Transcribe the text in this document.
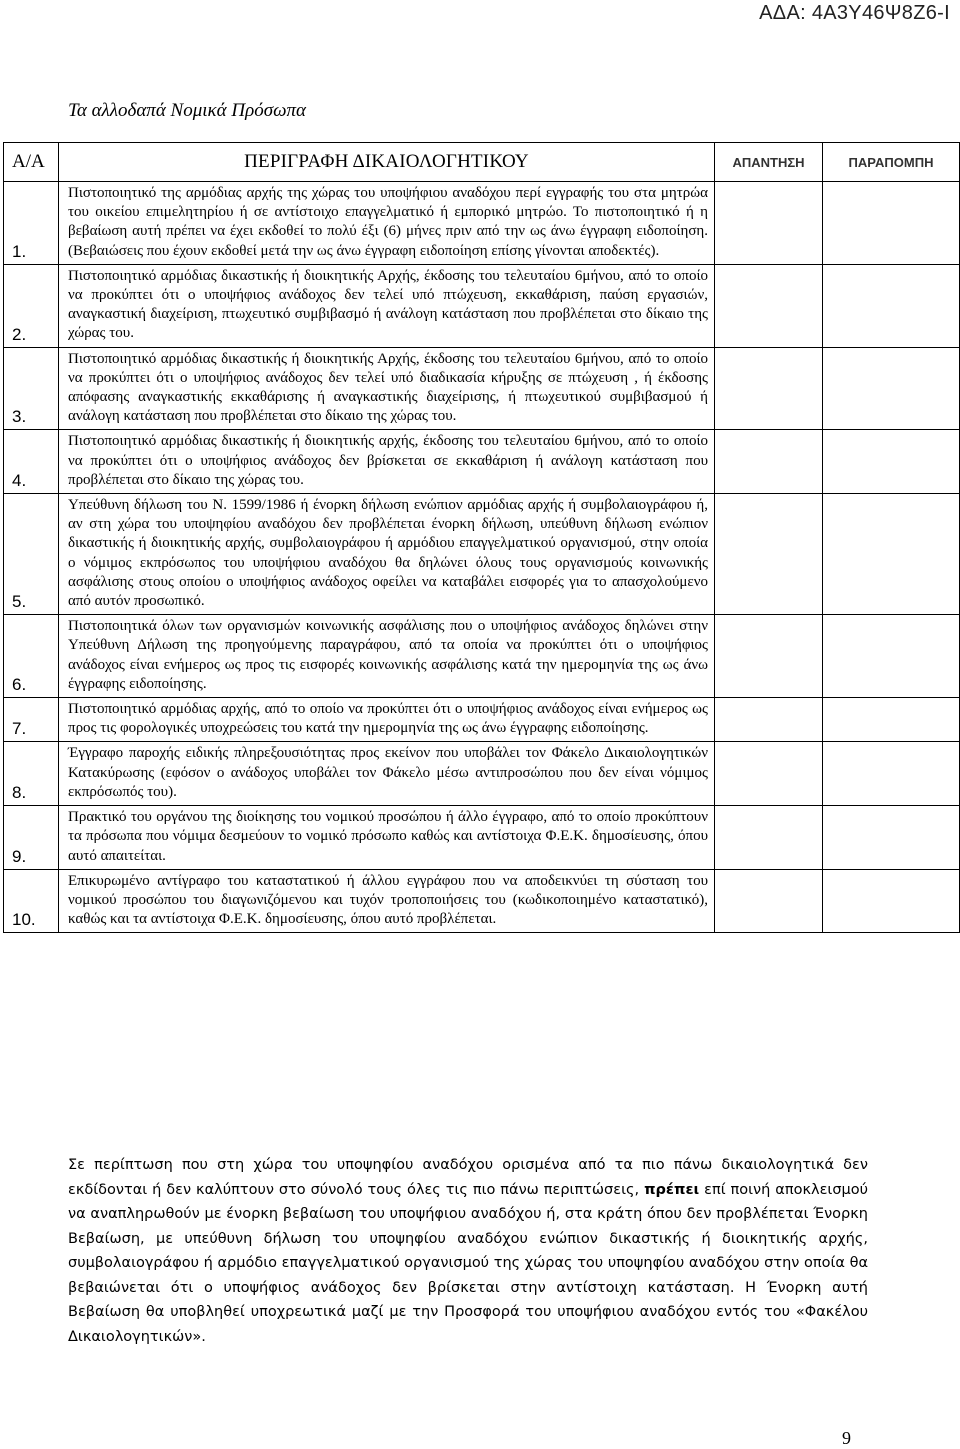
ΑΔΑ: 4Α3Υ46Ψ8Ζ6-Ι
Τα αλλοδαπά Νομικά Πρόσωπα
Α/Α	ΠΕΡΙΓΡΑΦΗ ΔΙΚΑΙΟΛΟΓΗΤΙΚΟΥ	ΑΠΑΝΤΗΣΗ	ΠΑΡΑΠΟΜΠΗ
1.	Πιστοποιητικό της αρμόδιας αρχής της χώρας του υποψήφιου αναδόχου περί εγγραφής του στα μητρώα του οικείου επιμελητηρίου ή σε αντίστοιχο επαγγελματικό ή εμπορικό μητρώο. Το πιστοποιητικό ή η βεβαίωση αυτή πρέπει να έχει εκδοθεί το πολύ έξι (6) μήνες πριν από την ως άνω έγγραφη ειδοποίηση. (Βεβαιώσεις που έχουν εκδοθεί μετά την ως άνω έγγραφη ειδοποίηση επίσης γίνονται αποδεκτές).		
2.	Πιστοποιητικό αρμόδιας δικαστικής ή διοικητικής Αρχής, έκδοσης του τελευταίου 6μήνου, από το οποίο να προκύπτει ότι ο υποψήφιος ανάδοχος δεν τελεί υπό πτώχευση, εκκαθάριση, παύση εργασιών, αναγκαστική διαχείριση, πτωχευτικό συμβιβασμό ή ανάλογη κατάσταση που προβλέπεται στο δίκαιο της χώρας του.		
3.	Πιστοποιητικό αρμόδιας δικαστικής ή διοικητικής Αρχής, έκδοσης του τελευταίου 6μήνου, από το οποίο να προκύπτει ότι ο υποψήφιος ανάδοχος δεν τελεί υπό διαδικασία κήρυξης σε πτώχευση , ή έκδοσης απόφασης αναγκαστικής εκκαθάρισης ή αναγκαστικής διαχείρισης, ή πτωχευτικού συμβιβασμού ή ανάλογη κατάσταση που προβλέπεται στο δίκαιο της χώρας του.		
4.	Πιστοποιητικό αρμόδιας δικαστικής ή διοικητικής αρχής, έκδοσης του τελευταίου 6μήνου, από το οποίο να προκύπτει ότι ο υποψήφιος ανάδοχος δεν βρίσκεται σε εκκαθάριση ή ανάλογη κατάσταση που προβλέπεται στο δίκαιο της χώρας του.		
5.	Υπεύθυνη δήλωση του Ν. 1599/1986 ή ένορκη δήλωση ενώπιον αρμόδιας αρχής ή συμβολαιογράφου ή, αν στη χώρα του υποψηφίου αναδόχου δεν προβλέπεται ένορκη δήλωση, υπεύθυνη δήλωση ενώπιον δικαστικής ή διοικητικής αρχής, συμβολαιογράφου ή αρμόδιου επαγγελματικού οργανισμού, στην οποία ο νόμιμος εκπρόσωπος του υποψήφιου αναδόχου θα δηλώνει όλους τους οργανισμούς κοινωνικής ασφάλισης στους οποίου ο υποψήφιος ανάδοχος οφείλει να καταβάλει εισφορές για το απασχολούμενο από αυτόν προσωπικό.		
6.	Πιστοποιητικά όλων των οργανισμών κοινωνικής ασφάλισης που ο υποψήφιος ανάδοχος δηλώνει στην Υπεύθυνη Δήλωση της προηγούμενης παραγράφου, από τα οποία να προκύπτει ότι ο υποψήφιος ανάδοχος είναι ενήμερος ως προς τις εισφορές κοινωνικής ασφάλισης κατά την ημερομηνία της ως άνω έγγραφης ειδοποίησης.		
7.	Πιστοποιητικό αρμόδιας αρχής, από το οποίο να προκύπτει ότι ο υποψήφιος ανάδοχος είναι ενήμερος ως προς τις φορολογικές υποχρεώσεις του κατά την ημερομηνία της ως άνω έγγραφης ειδοποίησης.		
8.	Έγγραφο παροχής ειδικής πληρεξουσιότητας προς εκείνον που υποβάλει τον Φάκελο Δικαιολογητικών Κατακύρωσης (εφόσον ο ανάδοχος υποβάλει τον Φάκελο μέσω αντιπροσώπου που δεν είναι νόμιμος εκπρόσωπός του).		
9.	Πρακτικό του οργάνου της διοίκησης του νομικού προσώπου ή άλλο έγγραφο, από το οποίο προκύπτουν τα πρόσωπα που νόμιμα δεσμεύουν το νομικό πρόσωπο καθώς και αντίστοιχα Φ.Ε.Κ. δημοσίευσης, όπου αυτό απαιτείται.		
10.	Επικυρωμένο αντίγραφο του καταστατικού ή άλλου εγγράφου που να αποδεικνύει τη σύσταση του νομικού προσώπου του διαγωνιζόμενου και τυχόν τροποποιήσεις του (κωδικοποιημένο καταστατικό), καθώς και τα αντίστοιχα Φ.Ε.Κ. δημοσίευσης, όπου αυτό προβλέπεται.		
Σε περίπτωση που στη χώρα του υποψηφίου αναδόχου ορισμένα από τα πιο πάνω δικαιολογητικά δεν εκδίδονται ή δεν καλύπτουν στο σύνολό τους όλες τις πιο πάνω περιπτώσεις, πρέπει επί ποινή αποκλεισμού να αναπληρωθούν με ένορκη βεβαίωση του υποψήφιου αναδόχου ή, στα κράτη όπου δεν προβλέπεται Ένορκη Βεβαίωση, με υπεύθυνη δήλωση του υποψηφίου αναδόχου ενώπιον δικαστικής ή διοικητικής αρχής, συμβολαιογράφου ή αρμόδιο επαγγελματικού οργανισμού της χώρας του υποψηφίου αναδόχου στην οποία θα βεβαιώνεται ότι ο υποψήφιος ανάδοχος δεν βρίσκεται στην αντίστοιχη κατάσταση. Η Ένορκη αυτή Βεβαίωση θα υποβληθεί υποχρεωτικά μαζί με την Προσφορά του υποψήφιου αναδόχου εντός του «Φακέλου Δικαιολογητικών».
9
